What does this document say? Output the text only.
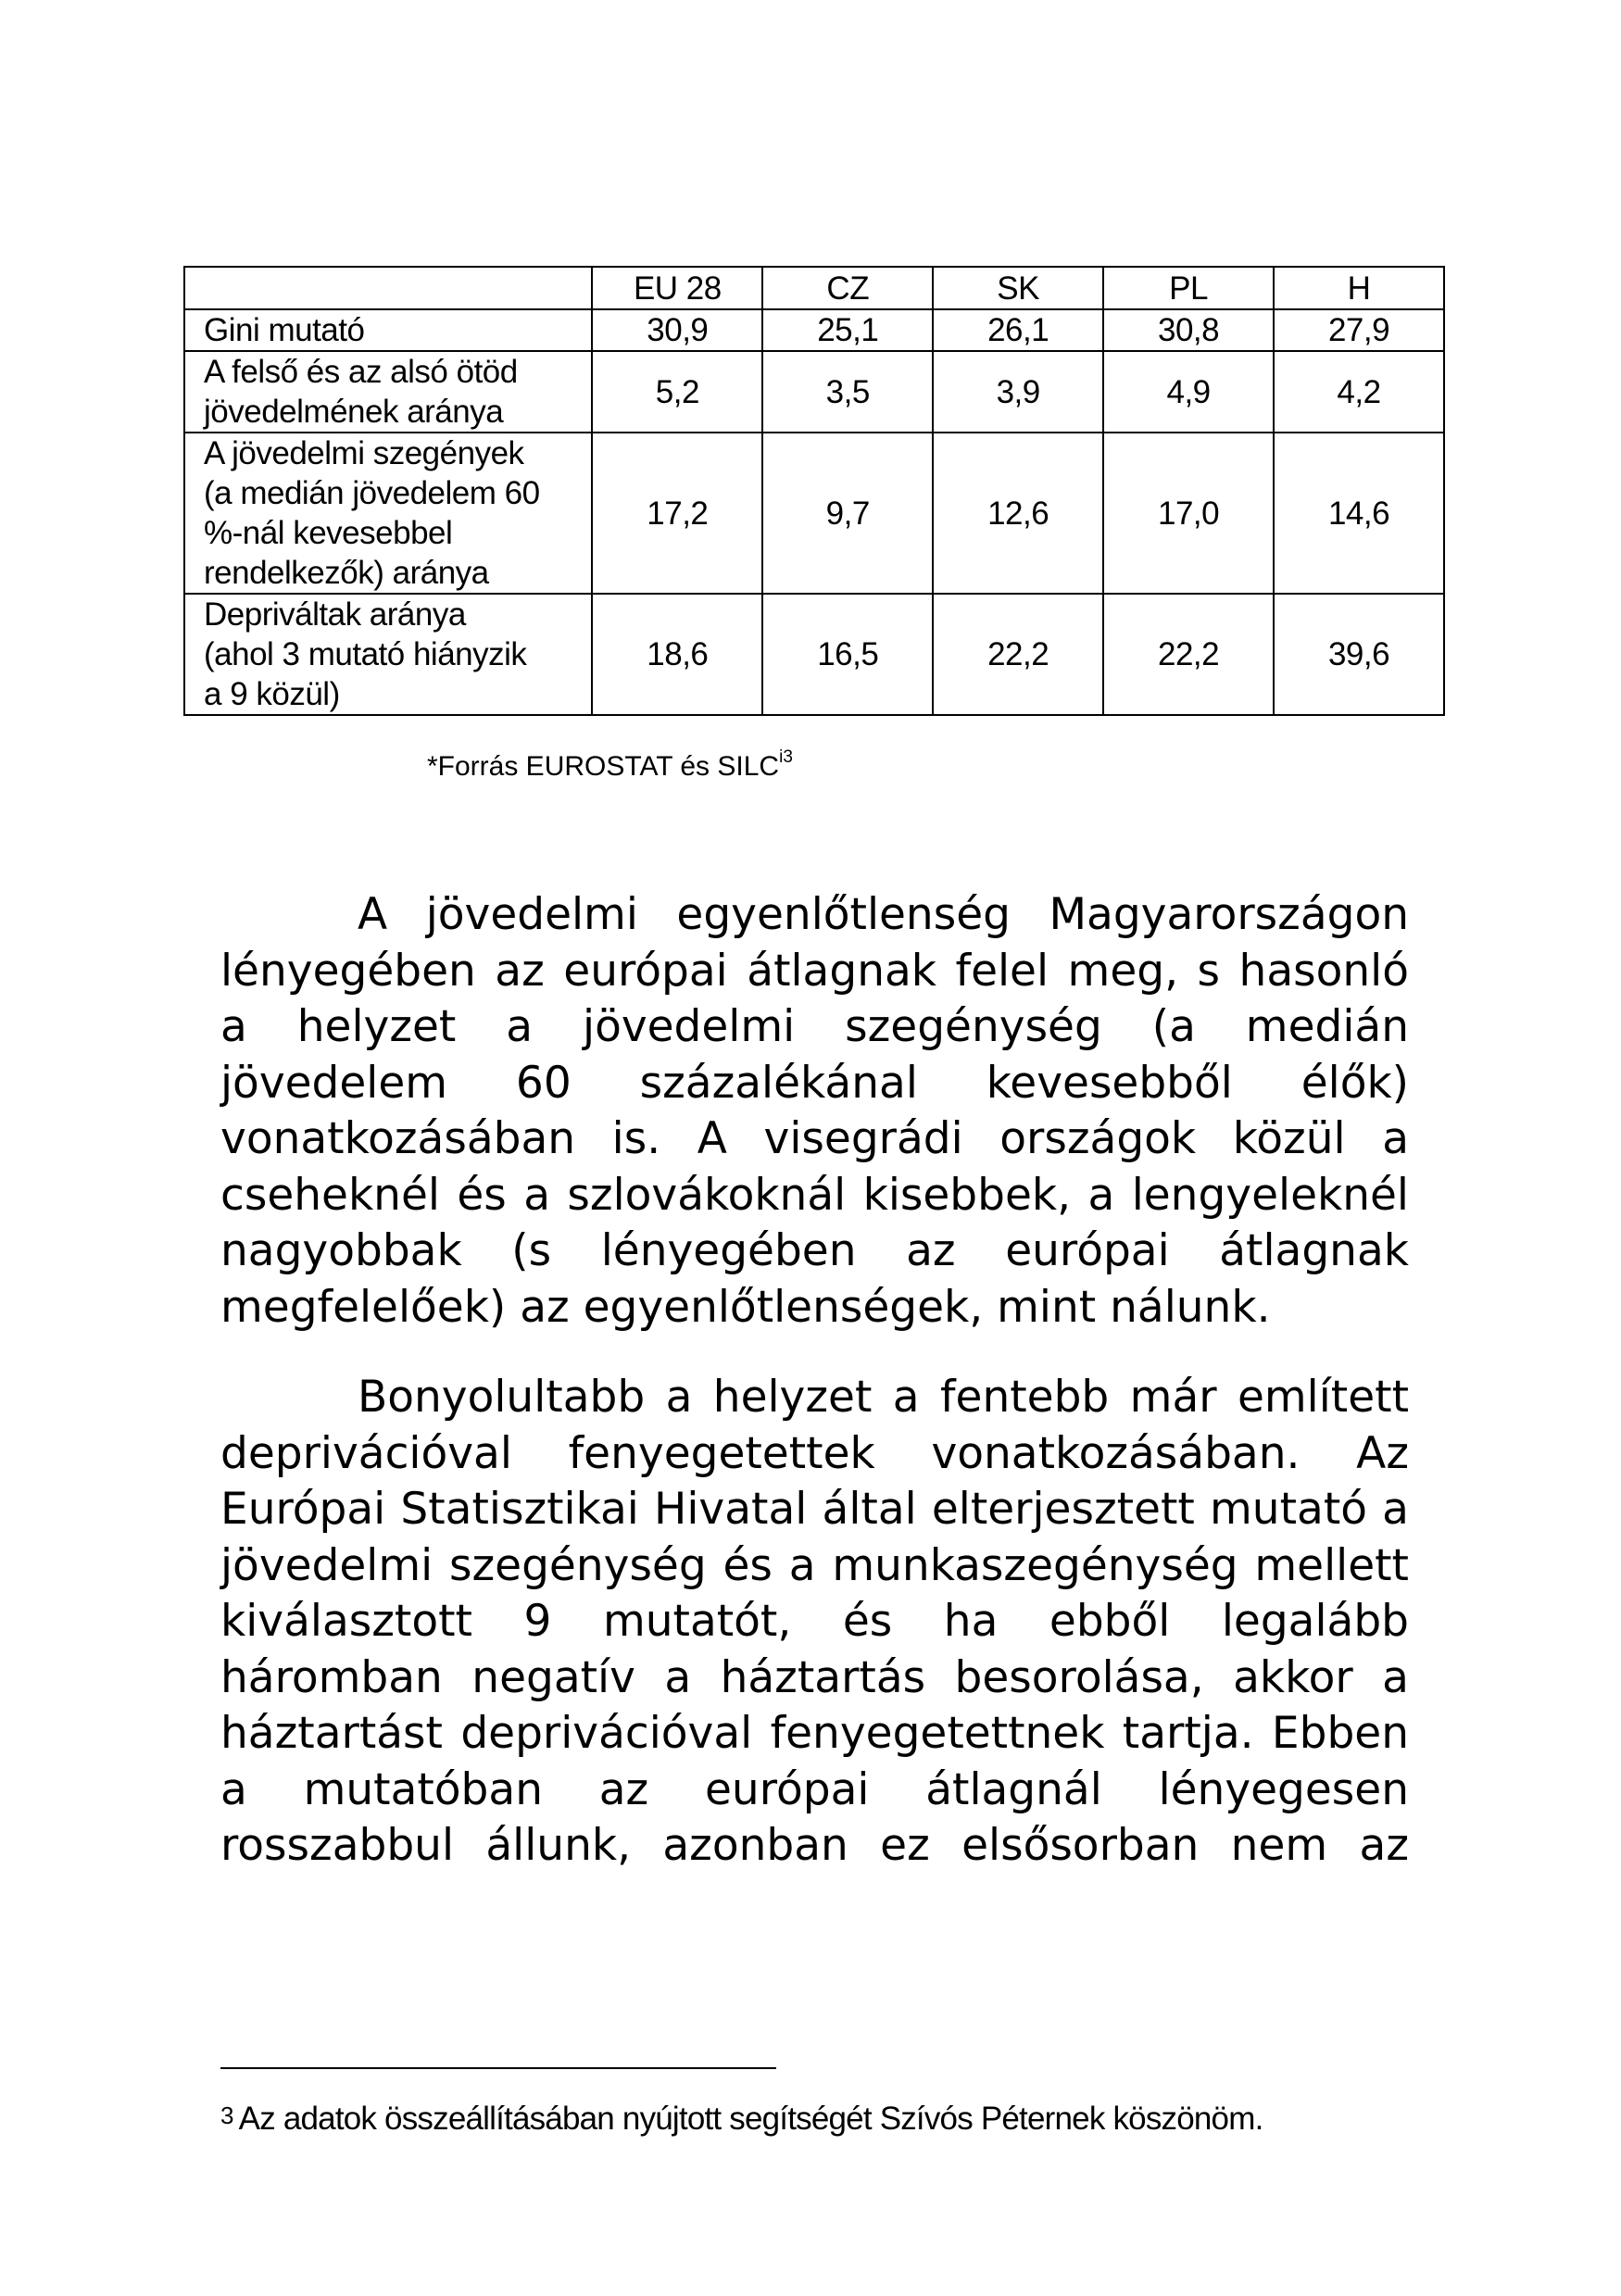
	EU 28	CZ	SK	PL	H

Gini mutató	30,9	25,1	26,1	30,8	27,9

A felső és az alsó ötöd
jövedelmének aránya	5,2	3,5	3,9	4,9	4,2

A jövedelmi szegények
(a medián jövedelem 60
%-nál kevesebbel
rendelkezők) aránya	17,2	9,7	12,6	17,0	14,6

Depriváltak aránya
(ahol 3 mutató hiányzik
a 9 közül)	18,6	16,5	22,2	22,2	39,6
*Forrás EUROSTAT és $SILC^{i3}$

A jövedelmi egyenlőtlenség Magyarországon lényegében az európai átlagnak felel meg, s hasonló a helyzet a jövedelmi szegénység (a medián jövedelem 60 százalékánal kevesebből élők) vonatkozásában is. A visegrádi országok közül a cseheknél és a szlovákoknál kisebbek, a lengyeleknél nagyobbak (s lényegében az európai átlagnak megfelelőek) az egyenlőtlenségek, mint nálunk.

Bonyolultabb a helyzet a fentebb már említett deprivációval fenyegetettek vonatkozásában. Az Európai Statisztikai Hivatal által elterjesztett mutató a jövedelmi szegénység és a munkaszegénység mellett kiválasztott 9 mutatót, és ha ebből legalább háromban negatív a háztartás besorolása, akkor a háztartást deprivációval fenyegetettnek tartja. Ebben a mutatóban az európai átlagnál lényegesen rosszabbul állunk, azonban ez elsősorban nem az

3 Az adatok összeállításában nyújtott segítségét Szívós Péternek köszönöm.
